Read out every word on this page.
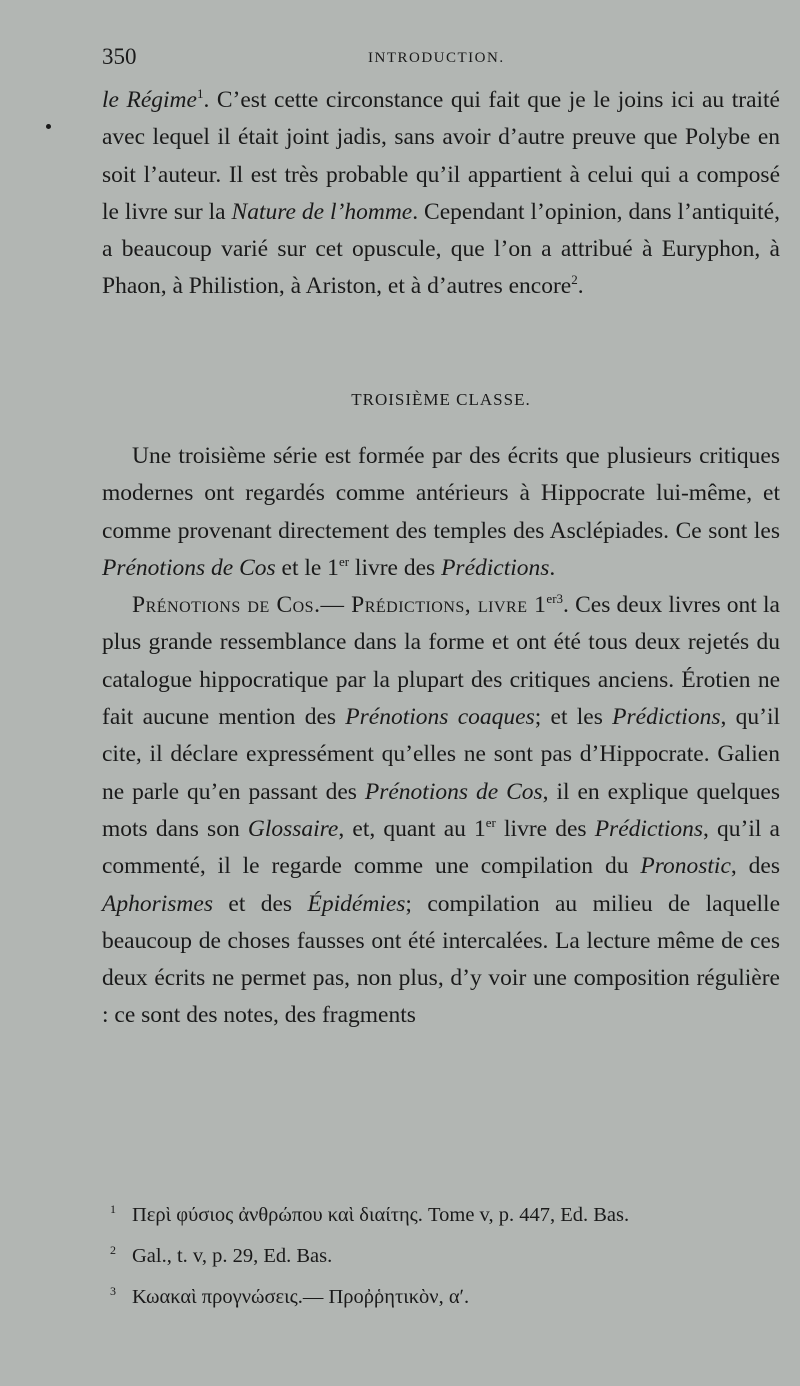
350	INTRODUCTION.

le Régime$^1$. C’est cette circonstance qui fait que je le joins ici au traité avec lequel il était joint jadis, sans avoir d’autre preuve que Polybe en soit l’auteur. Il est très probable qu’il appartient à celui qui a composé le livre sur la Nature de l’homme. Cependant l’opinion, dans l’antiquité, a beaucoup varié sur cet opuscule, que l’on a attribué à Euryphon, à Phaon, à Philistion, à Ariston, et à d’autres encore$^2$.

TROISIÈME CLASSE.

Une troisième série est formée par des écrits que plusieurs critiques modernes ont regardés comme antérieurs à Hippocrate lui-même, et comme provenant directement des temples des Asclépiades. Ce sont les Prénotions de Cos et le 1er livre des Prédictions.

Prénotions de Cos.— Prédictions, livre $1^{er3}$. Ces deux livres ont la plus grande ressemblance dans la forme et ont été tous deux rejetés du catalogue hippocratique par la plupart des critiques anciens. Érotien ne fait aucune mention des Prénotions coaques; et les Prédictions, qu’il cite, il déclare expressément qu’elles ne sont pas d’Hippocrate. Galien ne parle qu’en passant des Prénotions de Cos, il en explique quelques mots dans son Glossaire, et, quant au 1er livre des Prédictions, qu’il a commenté, il le regarde comme une compilation du Pronostic, des Aphorismes et des Épidémies; compilation au milieu de laquelle beaucoup de choses fausses ont été intercalées. La lecture même de ces deux écrits ne permet pas, non plus, d’y voir une composition régulière : ce sont des notes, des fragments

1 Περὶ φύσιος ἀνθρώπου καὶ διαίτης. Tome v, p. 447, Ed. Bas.
2 Gal., t. v, p. 29, Ed. Bas.
3 Κωακαὶ προγνώσεις.— Προῤῥητικὸν, αʹ.
